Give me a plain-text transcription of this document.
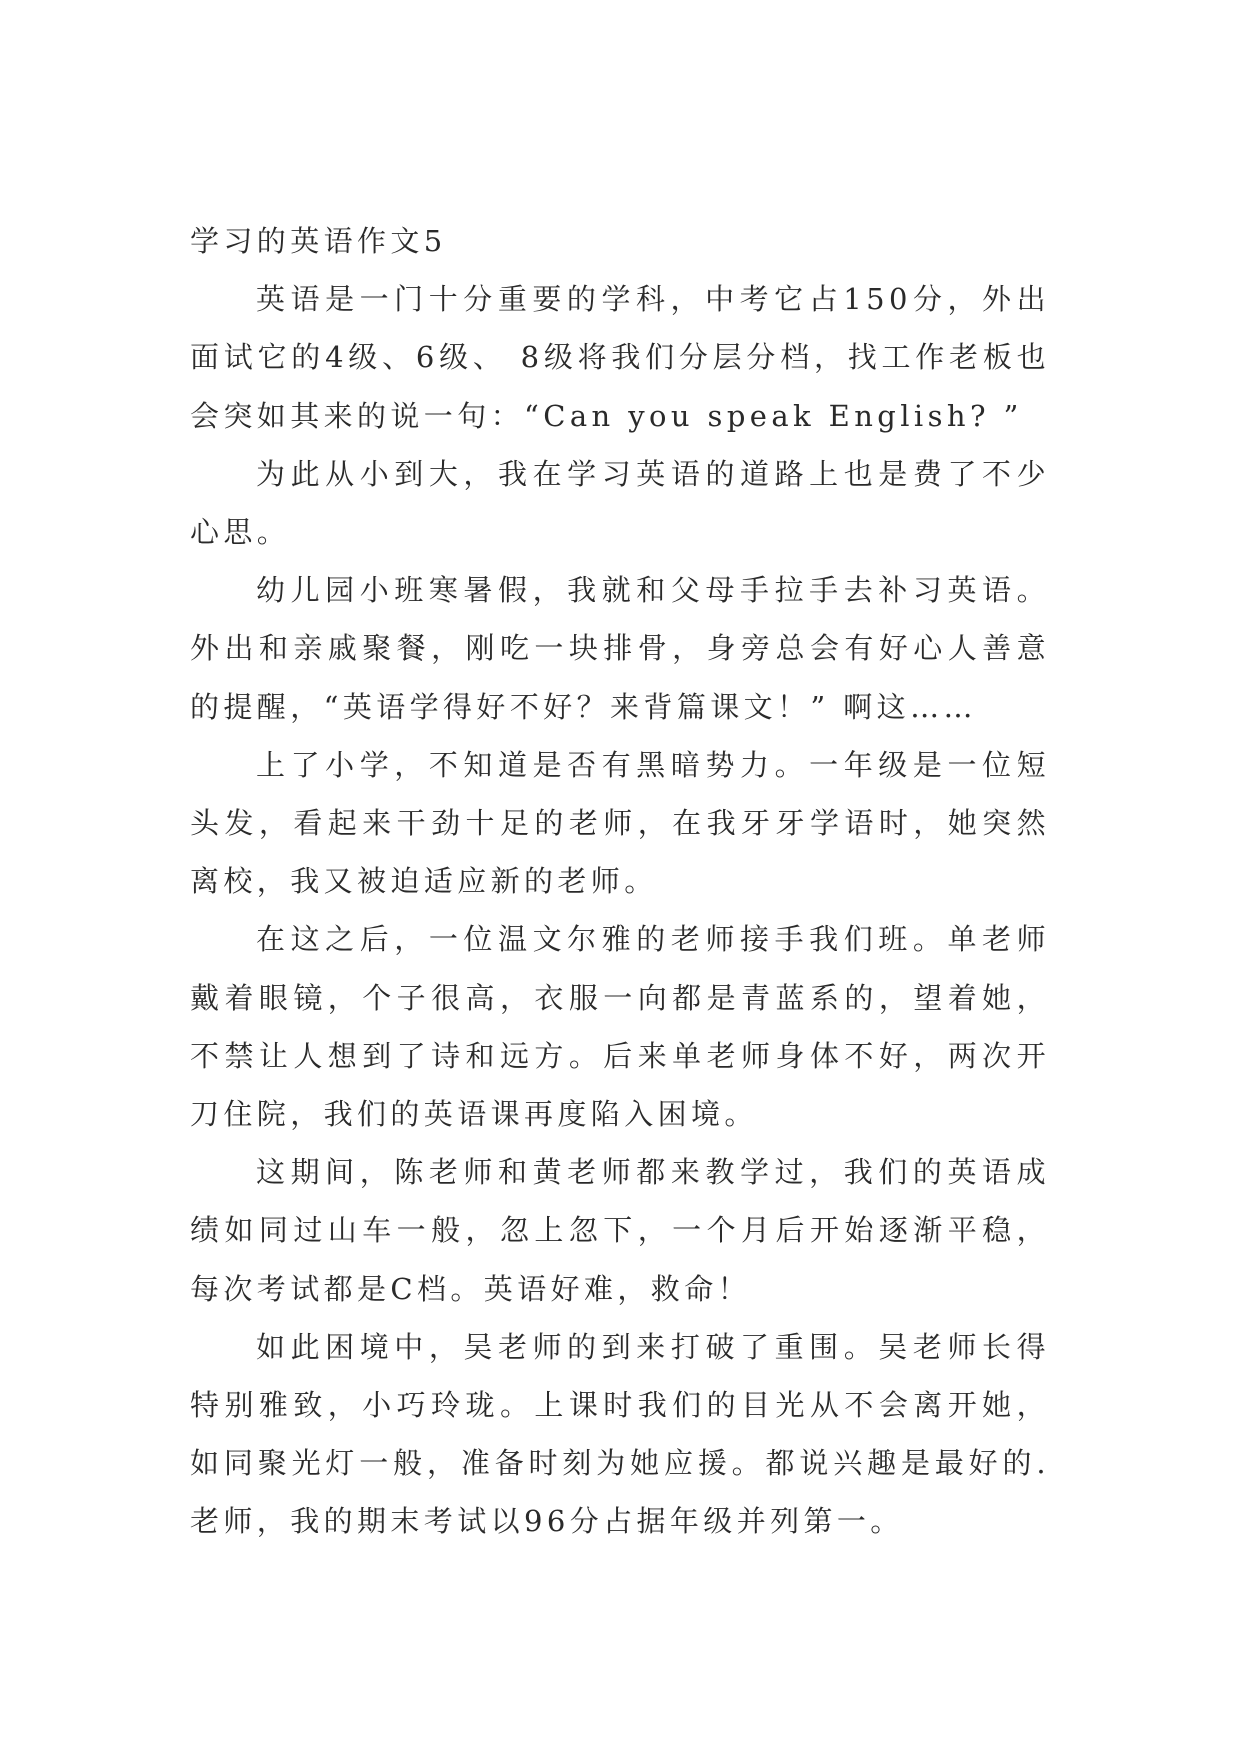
学习的英语作文5

英语是一门十分重要的学科，中考它占150分，外出面试它的4级、6级、 8级将我们分层分档，找工作老板也会突如其来的说一句：“Can you speak English? ”

为此从小到大，我在学习英语的道路上也是费了不少心思。

幼儿园小班寒暑假，我就和父母手拉手去补习英语。外出和亲戚聚餐，刚吃一块排骨，身旁总会有好心人善意的提醒，“英语学得好不好？来背篇课文！” 啊这……

上了小学，不知道是否有黑暗势力。一年级是一位短头发，看起来干劲十足的老师，在我牙牙学语时，她突然离校，我又被迫适应新的老师。

在这之后，一位温文尔雅的老师接手我们班。单老师戴着眼镜，个子很高，衣服一向都是青蓝系的，望着她，不禁让人想到了诗和远方。后来单老师身体不好，两次开刀住院，我们的英语课再度陷入困境。

这期间，陈老师和黄老师都来教学过，我们的英语成绩如同过山车一般，忽上忽下，一个月后开始逐渐平稳，每次考试都是C档。英语好难，救命！

如此困境中，吴老师的到来打破了重围。吴老师长得特别雅致，小巧玲珑。上课时我们的目光从不会离开她，如同聚光灯一般，准备时刻为她应援。都说兴趣是最好的.老师，我的期末考试以96分占据年级并列第一。
